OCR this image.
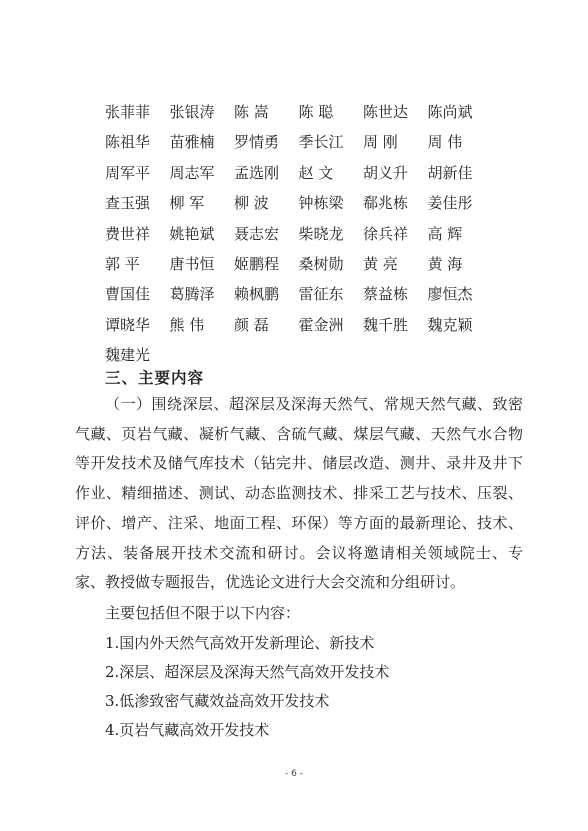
张菲菲	张银涛	陈 嵩	陈 聪	陈世达	陈尚斌
陈祖华	苗雅楠	罗情勇	季长江	周 刚	周 伟
周军平	周志军	孟选刚	赵 文	胡义升	胡新佳
查玉强	柳 军	柳 波	钟栋梁	郗兆栋	姜佳彤
费世祥	姚艳斌	聂志宏	柴晓龙	徐兵祥	高 辉
郭 平	唐书恒	姬鹏程	桑树勋	黄 亮	黄 海
曹国佳	葛腾泽	赖枫鹏	雷征东	蔡益栋	廖恒杰
谭晓华	熊 伟	颜 磊	霍金洲	魏千胜	魏克颖
魏建光
三、主要内容
（一）围绕深层、超深层及深海天然气、常规天然气藏、致密气藏、页岩气藏、凝析气藏、含硫气藏、煤层气藏、天然气水合物等开发技术及储气库技术（钻完井、储层改造、测井、录井及井下作业、精细描述、测试、动态监测技术、排采工艺与技术、压裂、评价、增产、注采、地面工程、环保）等方面的最新理论、技术、方法、装备展开技术交流和研讨。会议将邀请相关领域院士、专家、教授做专题报告，优选论文进行大会交流和分组研讨。
主要包括但不限于以下内容：
1.国内外天然气高效开发新理论、新技术
2.深层、超深层及深海天然气高效开发技术
3.低渗致密气藏效益高效开发技术
4.页岩气藏高效开发技术
- 6 -
